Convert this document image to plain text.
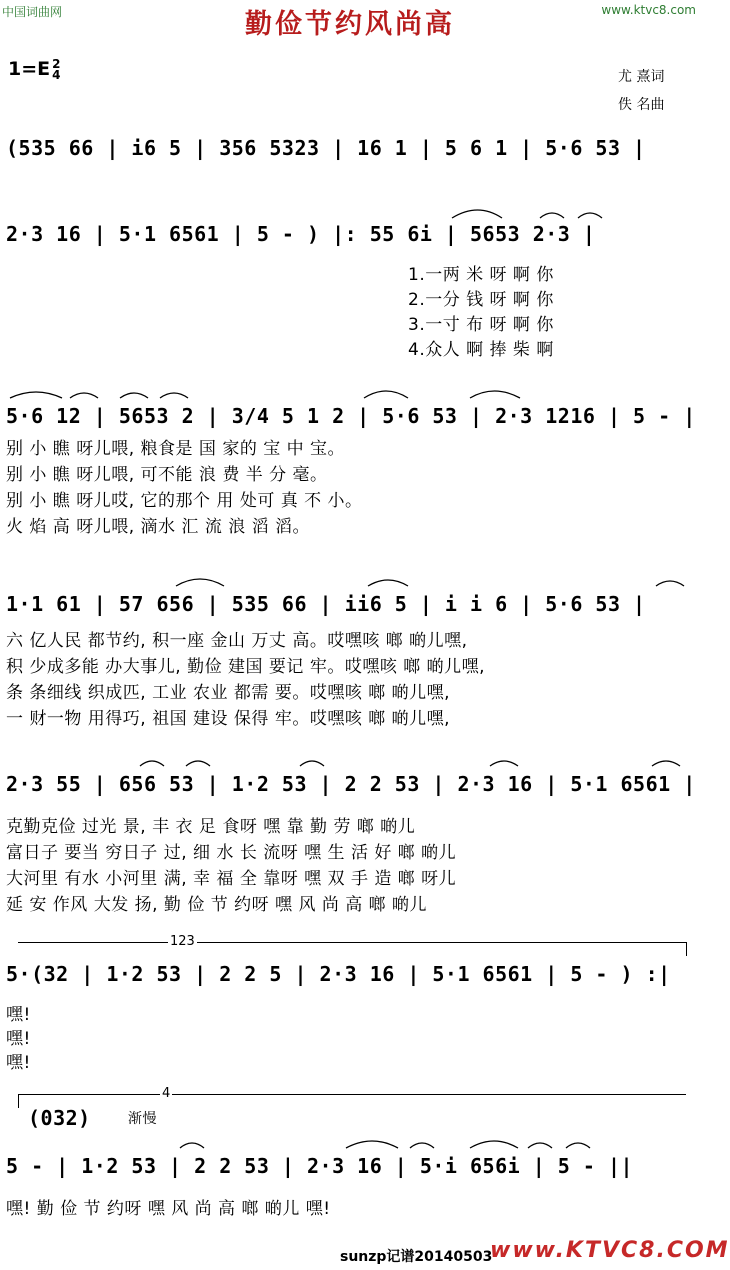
中国词曲网	www.ktvc8.com
勤俭节约风尚高
1=E 2
4	尤 熹词
佚 名曲
(535 66 | i6 5 | 356 5323 | 16 1 | 5 6 1 | 5·6 53 |
2·3 16 | 5·1 6561 | 5 - ) |: 55 6i | 5653 2·3 |
1.一两 米 呀 啊 你
2.一分 钱 呀 啊 你
3.一寸 布 呀 啊 你
4.众人 啊 捧 柴 啊
5·6 12 | 5653 2 | 3/4 5 1 2 | 5·6 53 | 2·3 1216 | 5 - |
别 小 瞧 呀儿喂, 粮食是 国 家的 宝 中 宝。
别 小 瞧 呀儿喂, 可不能 浪 费 半 分 毫。
别 小 瞧 呀儿哎, 它的那个 用 处可 真 不 小。
火 焰 高 呀儿喂, 滴水 汇 流 浪 滔 滔。
1·1 61 | 57 656 | 535 66 | ii6 5 | i i 6 | 5·6 53 |
六 亿人民 都节约, 积一座 金山 万丈 高。哎嘿咳 啷 啲儿嘿,
积 少成多能 办大事儿, 勤俭 建国 要记 牢。哎嘿咳 啷 啲儿嘿,
条 条细线 织成匹, 工业 农业 都需 要。哎嘿咳 啷 啲儿嘿,
一 财一物 用得巧, 祖国 建设 保得 牢。哎嘿咳 啷 啲儿嘿,
2·3 55 | 656 53 | 1·2 53 | 2 2 53 | 2·3 16 | 5·1 6561 |
克勤克俭 过光 景, 丰 衣 足 食呀 嘿 靠 勤 劳 啷 啲儿
富日子 要当 穷日子 过, 细 水 长 流呀 嘿 生 活 好 啷 啲儿
大河里 有水 小河里 满, 幸 福 全 靠呀 嘿 双 手 造 啷 呀儿
延 安 作风 大发 扬, 勤 俭 节 约呀 嘿 风 尚 高 啷 啲儿
123
5·(32 | 1·2 53 | 2 2 5 | 2·3 16 | 5·1 6561 | 5 - ) :|
嘿!
嘿!
嘿!
4
(032)	渐慢
5 - | 1·2 53 | 2 2 53 | 2·3 16 | 5·i 656i | 5 - ||
嘿! 勤 俭 节 约呀 嘿 风 尚 高 啷 啲儿 嘿!
sunzp记谱20140503
www.KTVC8.COM
